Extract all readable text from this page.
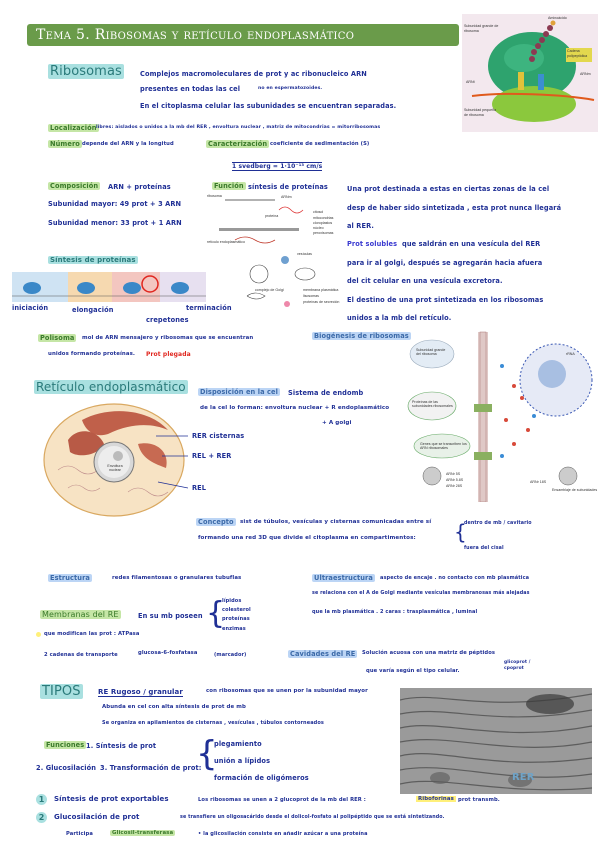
Tema 5. Ribosomas y retículo endoplasmático
Aminoácido
Subunidad grande de ribosoma
Cadena polipeptídica
ARNm
ARNt
Subunidad pequeña de ribosoma
Ribosomas	Complejos macromoleculares de prot y ac ribonucleico ARN
presentes en todas las cel	no en espermatozoides.
En el citoplasma celular las subunidades se encuentran separadas.
Localización libres: aislados o unidos a la mb del RER , envoltura nuclear , matriz de mitocondrias = mitorribosomas
Número depende del ARN y la longitud	Caracterización coeficiente de sedimentación (S)
1 svedberg = 1·10⁻¹³ cm/s
Composición	ARN + proteínas
Subunidad mayor: 49 prot + 3 ARN
Subunidad menor: 33 prot + 1 ARN
Función síntesis de proteínas
ribosoma	ARNm
proteína
citosol
mitocondrias
cloroplastos
núcleo
peroxisomas
retículo endoplasmático
vesículas
complejo de Golgi	membrana plasmática
lisosomas
proteínas de secreción
Una prot destinada a estas en ciertas zonas de la cel
desp de haber sido sintetizada , esta prot nunca llegará
al RER.
Prot solubles que saldrán en una vesícula del RER
para ir al golgi, después se agregarán hacia afuera
del cit celular en una vesícula excretora.
El destino de una prot sintetizada en los ribosomas
unidos a la mb del retículo.
Síntesis de proteínas
iniciación	elongación	terminación
crepetones
Polisoma	mol de ARN mensajero y ribosomas que se encuentran
unidos formando proteínas. Prot plegada
Biogénesis de ribosomas
Subunidad grande del ribosoma
Proteínas de las subunidades ribosomales
rRNA
Genes que se transcriben los ARN ribosomales
ARNr 5S
ARNr 5.8S
ARNr 28S
ARNr 18S
Ensamblaje de subunidades
Retículo endoplasmático	Disposición en la cel	Sistema de endomb
de la cel lo forman: envoltura nuclear + R endoplasmático
+ A golgi
Envoltura nuclear
RER cisternas
REL + RER
REL
Concepto	sist de túbulos, vesículas y cisternas comunicadas entre sí
formando una red 3D que divide el citoplasma en compartimentos: {
dentro de mb / cavitario
fuera del cisal
Estructura	redes filamentosas o granulares tubuflas
Membranas del RE	En su mb poseen {
lípidos
colesterol
proteínas
enzimas
(marcador)
que modifican las prot : ATPasa
2 cadenas de transporte	glucosa-6-fosfatasa
Ultraestructura	aspecto de encaje . no contacto con mb plasmática
se relaciona con el A de Golgi mediante vesículas membranosas más alejadas
que la mb plasmática . 2 caras : trasplasmática , luminal
Cavidades del RE	Solución acuosa con una matriz de péptidos
que varía según el tipo celular.
glicoprot / cpoprot
TIPOS RE Rugoso / granular	con ribosomas que se unen por la subunidad mayor
Abunda en cel con alta síntesis de prot de mb
Se organiza en apilamientos de cisternas , vesículas , túbulos contorneados
Funciones 1. Síntesis de prot
2. Glucosilación 3. Transformación de prot:
{
plegamiento
unión a lípidos
formación de oligómeros	RER
1	Síntesis de prot exportables	Los ribosomas se unen a 2 glucoprot de la mb del RER :	Riboforinas prot transmb.
2	Glucosilación de prot	se transfiere un oligosacárido desde el dolicol-fosfato al polipéptido que se está sintetizando.
Participa	Glicosil-transferasa	• la glicosilación consiste en añadir azúcar a una proteína
